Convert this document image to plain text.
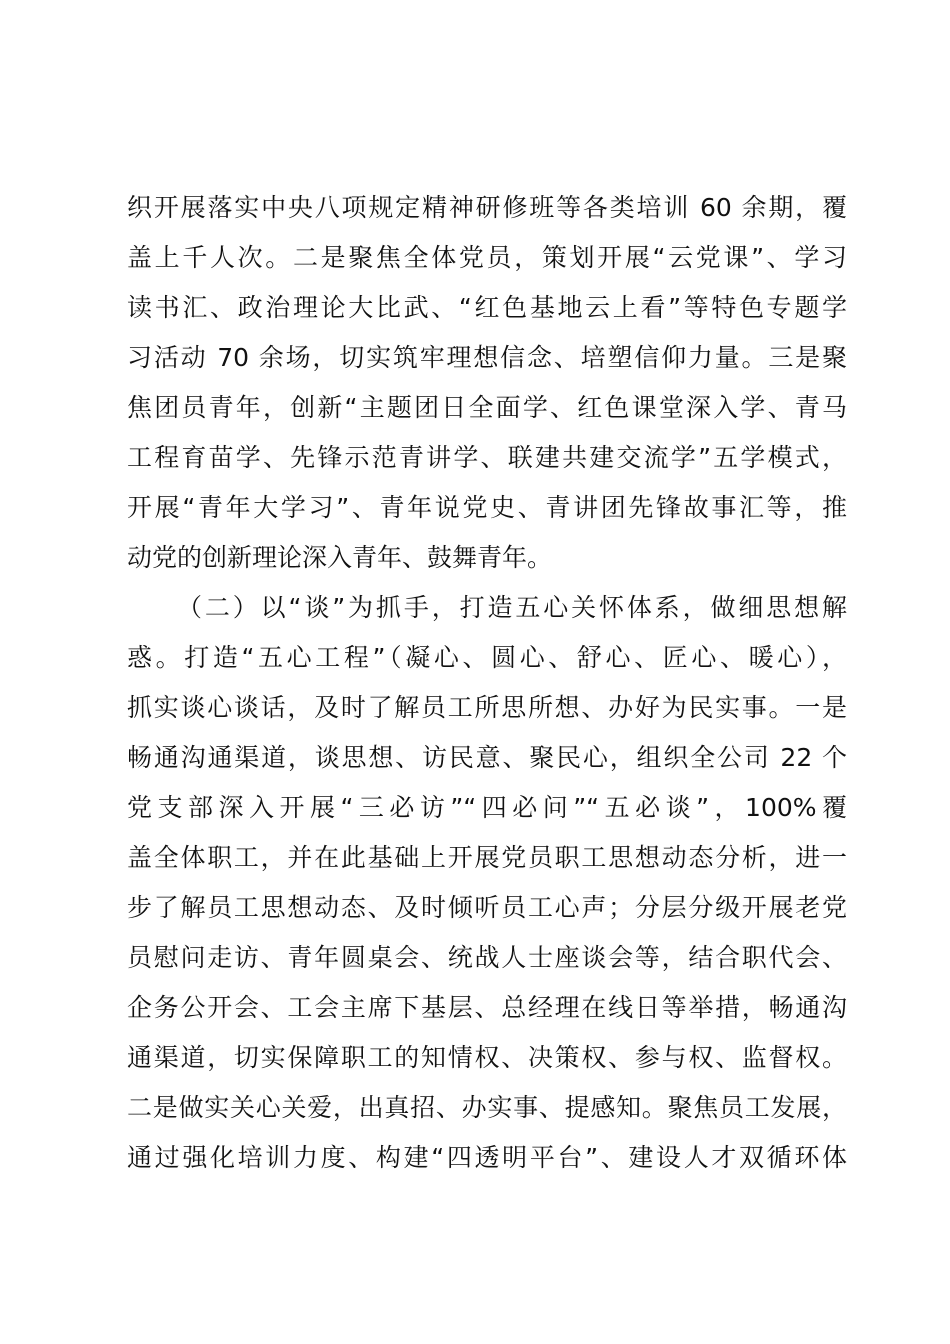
织开展落实中央八项规定精神研修班等各类培训 60 余期，覆
盖上千人次。二是聚焦全体党员，策划开展“云党课”、学习
读书汇、政治理论大比武、“红色基地云上看”等特色专题学
习活动 70 余场，切实筑牢理想信念、培塑信仰力量。三是聚
焦团员青年，创新“主题团日全面学、红色课堂深入学、青马
工程育苗学、先锋示范青讲学、联建共建交流学”五学模式，
开展“青年大学习”、青年说党史、青讲团先锋故事汇等，推
动党的创新理论深入青年、鼓舞青年。
（二）以“谈”为抓手，打造五心关怀体系，做细思想解
惑。打造“五心工程”（凝心、圆心、舒心、匠心、暖心），
抓实谈心谈话，及时了解员工所思所想、办好为民实事。一是
畅通沟通渠道，谈思想、访民意、聚民心，组织全公司 22 个
党支部深入开展“三必访”“四必问”“五必谈”，100%覆
盖全体职工，并在此基础上开展党员职工思想动态分析，进一
步了解员工思想动态、及时倾听员工心声；分层分级开展老党
员慰问走访、青年圆桌会、统战人士座谈会等，结合职代会、
企务公开会、工会主席下基层、总经理在线日等举措，畅通沟
通渠道，切实保障职工的知情权、决策权、参与权、监督权。
二是做实关心关爱，出真招、办实事、提感知。聚焦员工发展，
通过强化培训力度、构建“四透明平台”、建设人才双循环体
